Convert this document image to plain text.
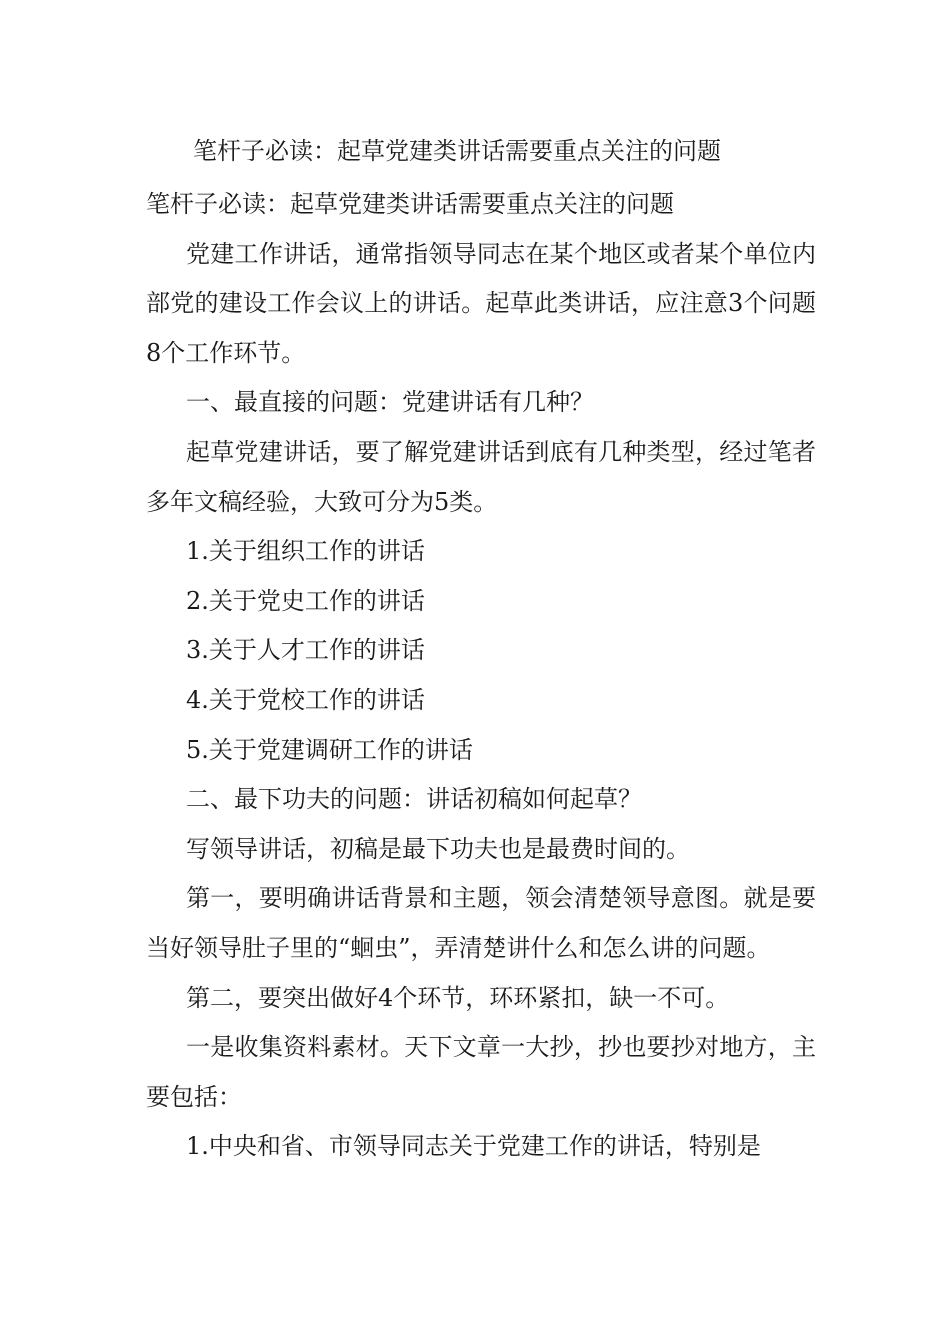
笔杆子必读：起草党建类讲话需要重点关注的问题

笔杆子必读：起草党建类讲话需要重点关注的问题

党建工作讲话，通常指领导同志在某个地区或者某个单位内部党的建设工作会议上的讲话。起草此类讲话，应注意3个问题8个工作环节。

一、最直接的问题：党建讲话有几种？

起草党建讲话，要了解党建讲话到底有几种类型，经过笔者多年文稿经验，大致可分为5类。

1.关于组织工作的讲话

2.关于党史工作的讲话

3.关于人才工作的讲话

4.关于党校工作的讲话

5.关于党建调研工作的讲话

二、最下功夫的问题：讲话初稿如何起草？

写领导讲话，初稿是最下功夫也是最费时间的。

第一，要明确讲话背景和主题，领会清楚领导意图。就是要当好领导肚子里的“蛔虫”，弄清楚讲什么和怎么讲的问题。

第二，要突出做好4个环节，环环紧扣，缺一不可。

一是收集资料素材。天下文章一大抄，抄也要抄对地方，主要包括：

1.中央和省、市领导同志关于党建工作的讲话，特别是
